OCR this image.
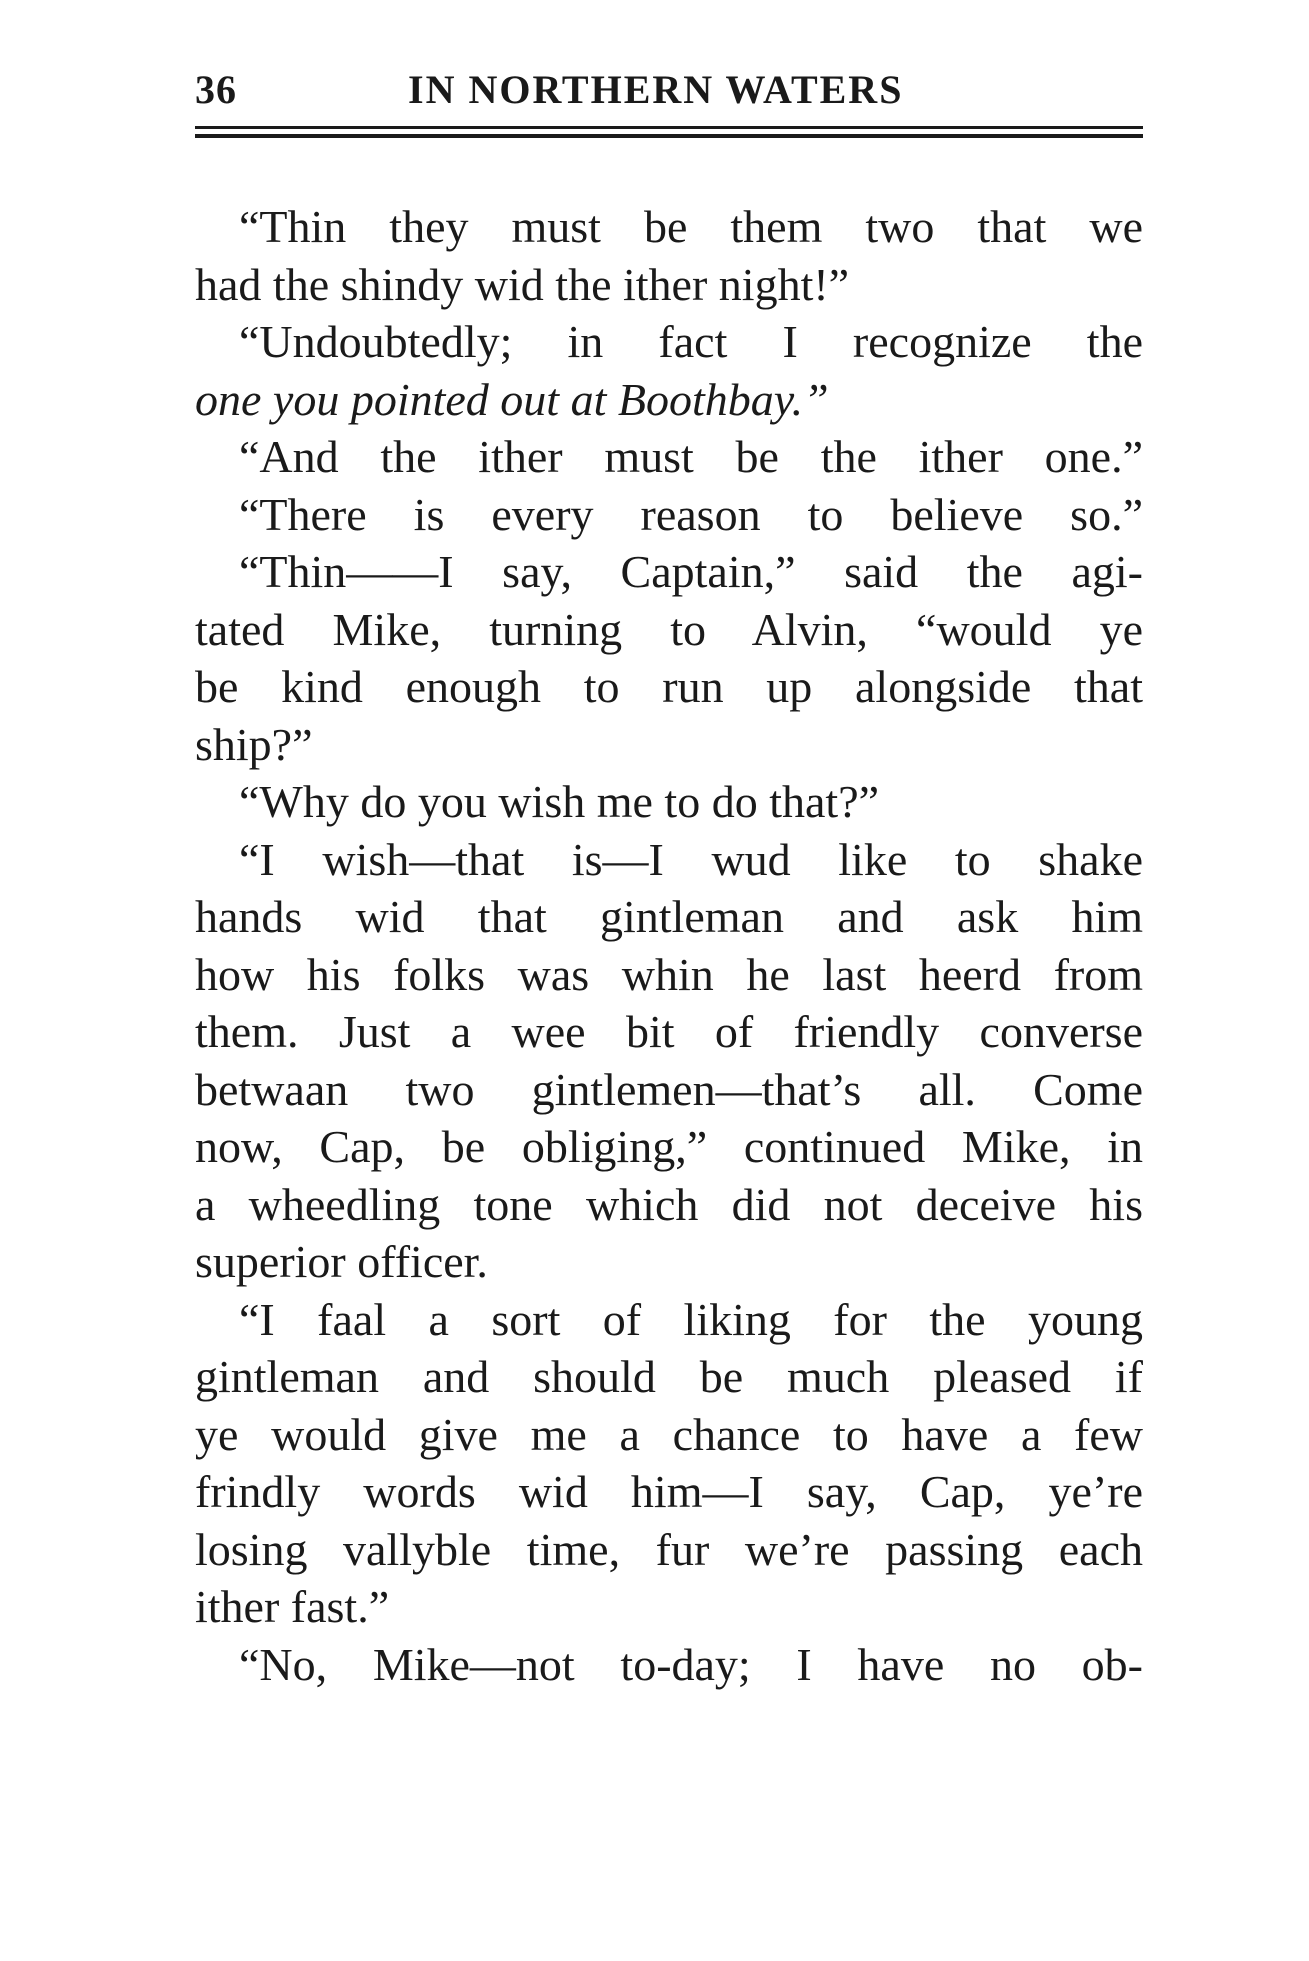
36	IN NORTHERN WATERS
“Thin they must be them two that we
had the shindy wid the ither night!”
“Undoubtedly; in fact I recognize the
one you pointed out at Boothbay.”
“And the ither must be the ither one.”
“There is every reason to believe so.”
“Thin——I say, Captain,” said the agi-
tated Mike, turning to Alvin, “would ye
be kind enough to run up alongside that
ship?”
“Why do you wish me to do that?”
“I wish—that is—I wud like to shake
hands wid that gintleman and ask him
how his folks was whin he last heerd from
them. Just a wee bit of friendly converse
betwaan two gintlemen—that’s all. Come
now, Cap, be obliging,” continued Mike, in
a wheedling tone which did not deceive his
superior officer.
“I faal a sort of liking for the young
gintleman and should be much pleased if
ye would give me a chance to have a few
frindly words wid him—I say, Cap, ye’re
losing vallyble time, fur we’re passing each
ither fast.”
“No, Mike—not to-day; I have no ob-
